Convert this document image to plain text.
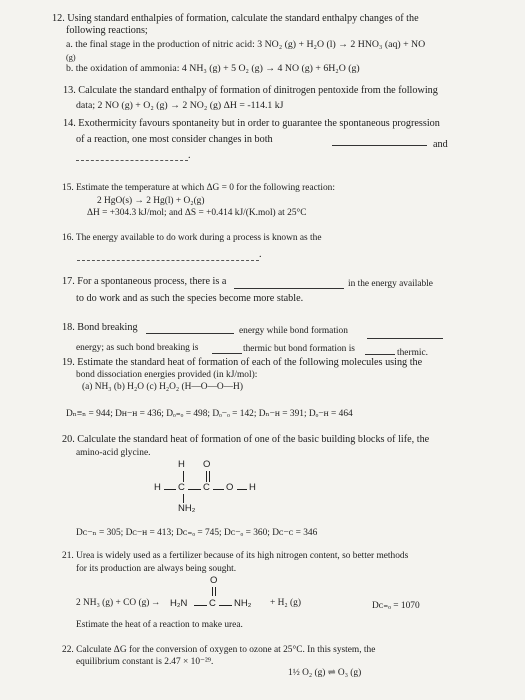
12. Using standard enthalpies of formation, calculate the standard enthalpy changes of the
following reactions;
a. the final stage in the production of nitric acid: 3 NO₂ (g) + H₂O (l) → 2 HNO₃ (aq) + NO
(g)
b. the oxidation of ammonia: 4 NH₃ (g) + 5 O₂ (g) → 4 NO (g) + 6H₂O (g)
13. Calculate the standard enthalpy of formation of dinitrogen pentoxide from the following
data; 2 NO (g) + O₂ (g) → 2 NO₂ (g) ΔH = -114.1 kJ
14. Exothermicity favours spontaneity but in order to guarantee the spontaneous progression
of a reaction, one most consider changes in both	and
.
15. Estimate the temperature at which ΔG = 0 for the following reaction:
2 HgO(s) → 2 Hg(l) + O₂(g)
ΔH = +304.3 kJ/mol; and ΔS = +0.414 kJ/(K.mol) at 25°C
16. The energy available to do work during a process is known as the
.
17. For a spontaneous process, there is a	in the energy available
to do work and as such the species become more stable.
18. Bond breaking	energy while bond formation
energy; as such bond breaking is	thermic but bond formation is	thermic.
19. Estimate the standard heat of formation of each of the following molecules using the
bond dissociation energies provided (in kJ/mol):
(a) NH₃ (b) H₂O (c) H₂O₂ (H—O—O—H)
Dₙ≡ₙ = 944; Dʜ−ʜ = 436; Dₒ₌ₒ = 498; Dₒ−ₒ = 142; Dₙ−ʜ = 391; Dₒ−ʜ = 464
20. Calculate the standard heat of formation of one of the basic building blocks of life, the
amino-acid glycine.
H O
H C C O H
NH₂
Dᴄ−ₙ = 305; Dᴄ−ʜ = 413; Dᴄ₌ₒ = 745; Dᴄ−ₒ = 360; Dᴄ−ᴄ = 346
21. Urea is widely used as a fertilizer because of its high nitrogen content, so better methods
for its production are always being sought.
O
2 NH₃ (g) + CO (g) → H₂N C NH₂ + H₂ (g)	Dᴄ₌ₒ = 1070
Estimate the heat of a reaction to make urea.
22. Calculate ΔG for the conversion of oxygen to ozone at 25°C. In this system, the
equilibrium constant is 2.47 × 10⁻²⁹.
1½ O₂ (g) ⇌ O₃ (g)
